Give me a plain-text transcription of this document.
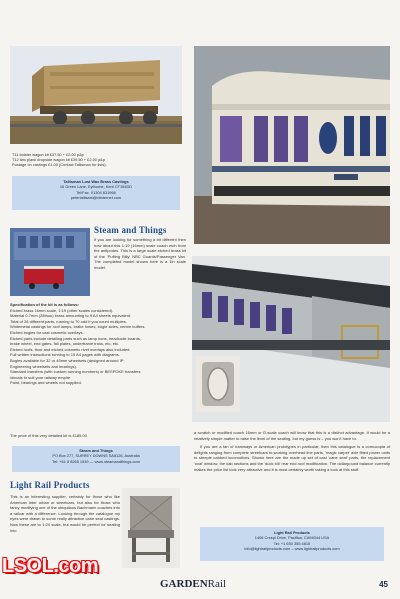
T11 bolster wagon kit £37.50 + £2.00 p&p
T12 two plank dropside wagon kit £39.50 + £2.00 p&p
Postage on castings £1.00 (Contact Tallisman for lists).
Tallisman Lost Wax Brass Castings
16 Green Lane, Eythorne, Kent CT154DD
Tel/Fax. 01304 831966
petertallisaxt@btinternet.com
Steam and Things
If you are looking for something a bit different then how about this 1:19 (16mm) scale coach etch from the antipodes. This is a large scale etched brass kit of the 'Puffing Billy' NBC Guards/Passenger Van. The completed model shown here is a 1in scale model.
Specification of the kit is as follows:
Etched brass 16mm scale, 1:19 (other scales considered).
Material 0.7mm (28thou) brass amounting to 9 A4 sheets equivalent.
Total of 28 different parts, running to 70 odd if you count multiples.
Whitemetal castings for roof lamps, brake hoses, bogie sides, centre buffers.
Etched bogies for cast cosmetic overlays.
Etched parts include detailing parts such as lamp irons, headcode boards,
brake wheel, end gates, fall plates, underframe truss, etc, etc.
Etched roofs, floor and etched cosmetic rivet overlays also included.
Full written instructions running to 15 A4 pages with diagrams.
Bogies available for 32 or 45mm wheelsets (designed around IP
Engineering wheelsets and bearings).
Standard transfers (with custom running numbers) or BESPOKE transfers
/decals to suit your railway empire
Paint, bearings and wheels not supplied.
The price of this very detailed kit is £185.00
Steam and Things
PO Box 277, SURREY DOWNS SA5126, Australia
Tel: +61 8 8265 1539 — www.steamandthings.com

a scratch or modified coach 16mm or G-scale coach will know that this is a distinct advantage. It would be a relatively simple matter to raise the level of the seating, but my guess is – you won't have to.

If you are a fan of tramways or American prototypes in particular, then this catalogue is a cornucopia of delights ranging from complete streetcars to working overhead line parts, 'magic carpet' axle fitted power units to steeple cabbed locomotives. Shown here are the made up set of cast 'cane seat' parts, the replacement 'oval' window, the cab sections and the 'duck bill' rear end roof modification. The dollarpound balance currently makes the price list look very attractive and it is most certainly worth taking a look at this stuff.

Light Rail Products
This is an interesting supplier, certainly for those who like American inter urban or streetcars, but also for those who fancy modifying one of the ubiquitous Bachmann coaches into a railcar with a difference. Looking through the catalogue my eyes were drawn to some really attractive cane seat castings. Now these are to 1:24 scale, but would be perfect for seating into	Light Rail Products
1406 Crespi Drive, Pacifica, CA94044 USA
Tel: +1 650 355 4815
info@lightrailproducts.com – www.lightrailproducts.com
GARDENRail	45
LSOL.com
